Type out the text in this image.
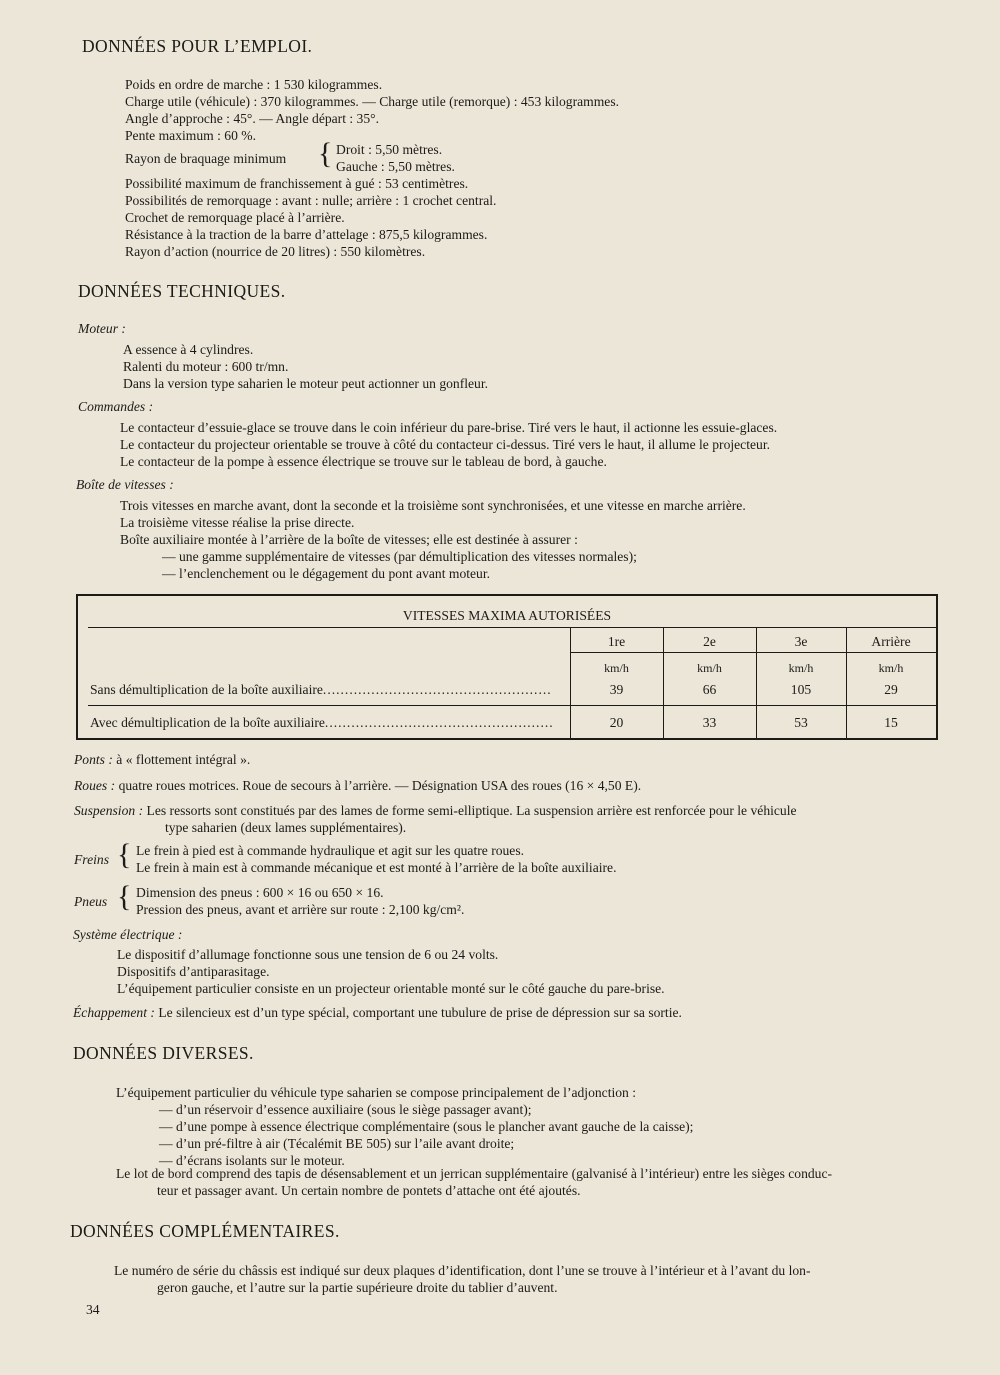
DONNÉES POUR L’EMPLOI.
Poids en ordre de marche : 1 530 kilogrammes.
Charge utile (véhicule) : 370 kilogrammes. — Charge utile (remorque) : 453 kilogrammes.
Angle d’approche : 45°. — Angle départ : 35°.
Pente maximum : 60 %.
Rayon de braquage minimum { Droit : 5,50 mètres.
Gauche : 5,50 mètres.
Possibilité maximum de franchissement à gué : 53 centimètres.
Possibilités de remorquage : avant : nulle; arrière : 1 crochet central.
Crochet de remorquage placé à l’arrière.
Résistance à la traction de la barre d’attelage : 875,5 kilogrammes.
Rayon d’action (nourrice de 20 litres) : 550 kilomètres.
DONNÉES TECHNIQUES.
Moteur :
A essence à 4 cylindres.
Ralenti du moteur : 600 tr/mn.
Dans la version type saharien le moteur peut actionner un gonfleur.
Commandes :
Le contacteur d’essuie-glace se trouve dans le coin inférieur du pare-brise. Tiré vers le haut, il actionne les essuie-glaces.
Le contacteur du projecteur orientable se trouve à côté du contacteur ci-dessus. Tiré vers le haut, il allume le projecteur.
Le contacteur de la pompe à essence électrique se trouve sur le tableau de bord, à gauche.
Boîte de vitesses :
Trois vitesses en marche avant, dont la seconde et la troisième sont synchronisées, et une vitesse en marche arrière.
La troisième vitesse réalise la prise directe.
Boîte auxiliaire montée à l’arrière de la boîte de vitesses; elle est destinée à assurer :
— une gamme supplémentaire de vitesses (par démultiplication des vitesses normales);
— l’enclenchement ou le dégagement du pont avant moteur.
VITESSES MAXIMA AUTORISÉES
1re	2e	3e	Arrière
km/h	km/h	km/h	km/h
Sans démultiplication de la boîte auxiliaire....................................................	39	66	105	29
Avec démultiplication de la boîte auxiliaire....................................................	20	33	53	15
Ponts : à « flottement intégral ».
Roues : quatre roues motrices. Roue de secours à l’arrière. — Désignation USA des roues (16 × 4,50 E).
Suspension : Les ressorts sont constitués par des lames de forme semi-elliptique. La suspension arrière est renforcée pour le véhicule
type saharien (deux lames supplémentaires).
Freins { Le frein à pied est à commande hydraulique et agit sur les quatre roues.
Le frein à main est à commande mécanique et est monté à l’arrière de la boîte auxiliaire.
Pneus { Dimension des pneus : 600 × 16 ou 650 × 16.
Pression des pneus, avant et arrière sur route : 2,100 kg/cm².
Système électrique :
Le dispositif d’allumage fonctionne sous une tension de 6 ou 24 volts.
Dispositifs d’antiparasitage.
L’équipement particulier consiste en un projecteur orientable monté sur le côté gauche du pare-brise.
Échappement : Le silencieux est d’un type spécial, comportant une tubulure de prise de dépression sur sa sortie.
DONNÉES DIVERSES.
L’équipement particulier du véhicule type saharien se compose principalement de l’adjonction :
— d’un réservoir d’essence auxiliaire (sous le siège passager avant);
— d’une pompe à essence électrique complémentaire (sous le plancher avant gauche de la caisse);
— d’un pré-filtre à air (Técalémit BE 505) sur l’aile avant droite;
— d’écrans isolants sur le moteur.
Le lot de bord comprend des tapis de désensablement et un jerrican supplémentaire (galvanisé à l’intérieur) entre les sièges conduc-
teur et passager avant. Un certain nombre de pontets d’attache ont été ajoutés.
DONNÉES COMPLÉMENTAIRES.
Le numéro de série du châssis est indiqué sur deux plaques d’identification, dont l’une se trouve à l’intérieur et à l’avant du lon-
geron gauche, et l’autre sur la partie supérieure droite du tablier d’auvent.
34
